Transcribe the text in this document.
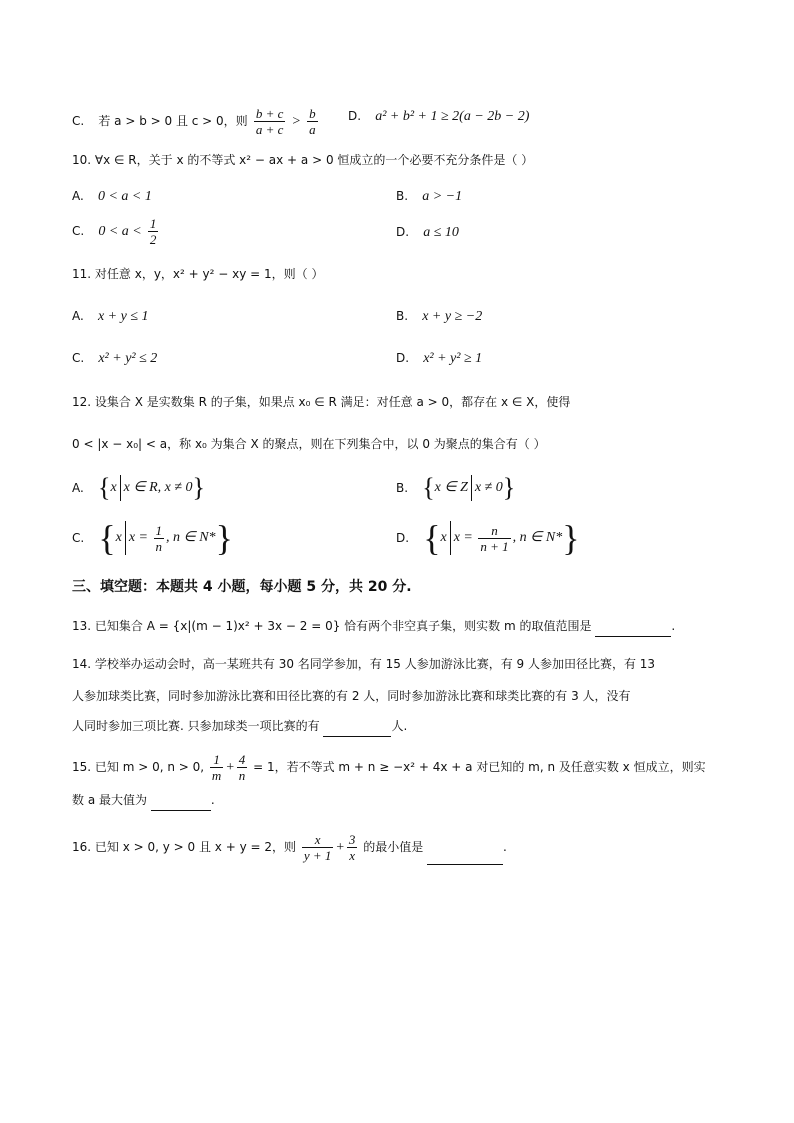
C. 若 a > b > 0 且 c > 0，则 $\frac{b + c}{a + c} > \frac{b}{a}$	D. a² + b² + 1 ≥ 2(a − 2b − 2)
10. ∀x ∈ R，关于 x 的不等式 x² − ax + a > 0 恒成立的一个必要不充分条件是（ ）
A. 0 < a < 1	B. a > −1
C. $0 < a < \frac{1}{2}$	D. a ≤ 10
11. 对任意 x，y，x² + y² − xy = 1，则（ ）
A. x + y ≤ 1	B. x + y ≥ −2
C. x² + y² ≤ 2	D. x² + y² ≥ 1
12. 设集合 X 是实数集 R 的子集，如果点 x₀ ∈ R 满足：对任意 a > 0，都存在 x ∈ X，使得
0 < |x − x₀| < a，称 x₀ 为集合 X 的聚点，则在下列集合中，以 0 为聚点的集合有（ ）
A. {x x ∈ R, x ≠ 0}	B. {x ∈ Z x ≠ 0}
C. {x $x = \frac{1}{n}$ , n ∈ N*}	D. {x $x = \frac{n}{n + 1}$ , n ∈ N*}
三、填空题：本题共 4 小题，每小题 5 分，共 20 分.
13. 已知集合 A = {x|(m − 1)x² + 3x − 2 = 0} 恰有两个非空真子集，则实数 m 的取值范围是	.
14. 学校举办运动会时，高一某班共有 30 名同学参加，有 15 人参加游泳比赛，有 9 人参加田径比赛，有 13
人参加球类比赛，同时参加游泳比赛和田径比赛的有 2 人，同时参加游泳比赛和球类比赛的有 3 人，没有
人同时参加三项比赛. 只参加球类一项比赛的有	人.
15. 已知 m > 0, n > 0, $\frac{1}{m} + \frac{4}{n} = 1$，若不等式 m + n ≥ −x² + 4x + a 对已知的 m, n 及任意实数 x 恒成立，则实
数 a 最大值为	.
16. 已知 x > 0, y > 0 且 x + y = 2，则 $\frac{x}{y + 1} + \frac{3}{x}$ 的最小值是	.
